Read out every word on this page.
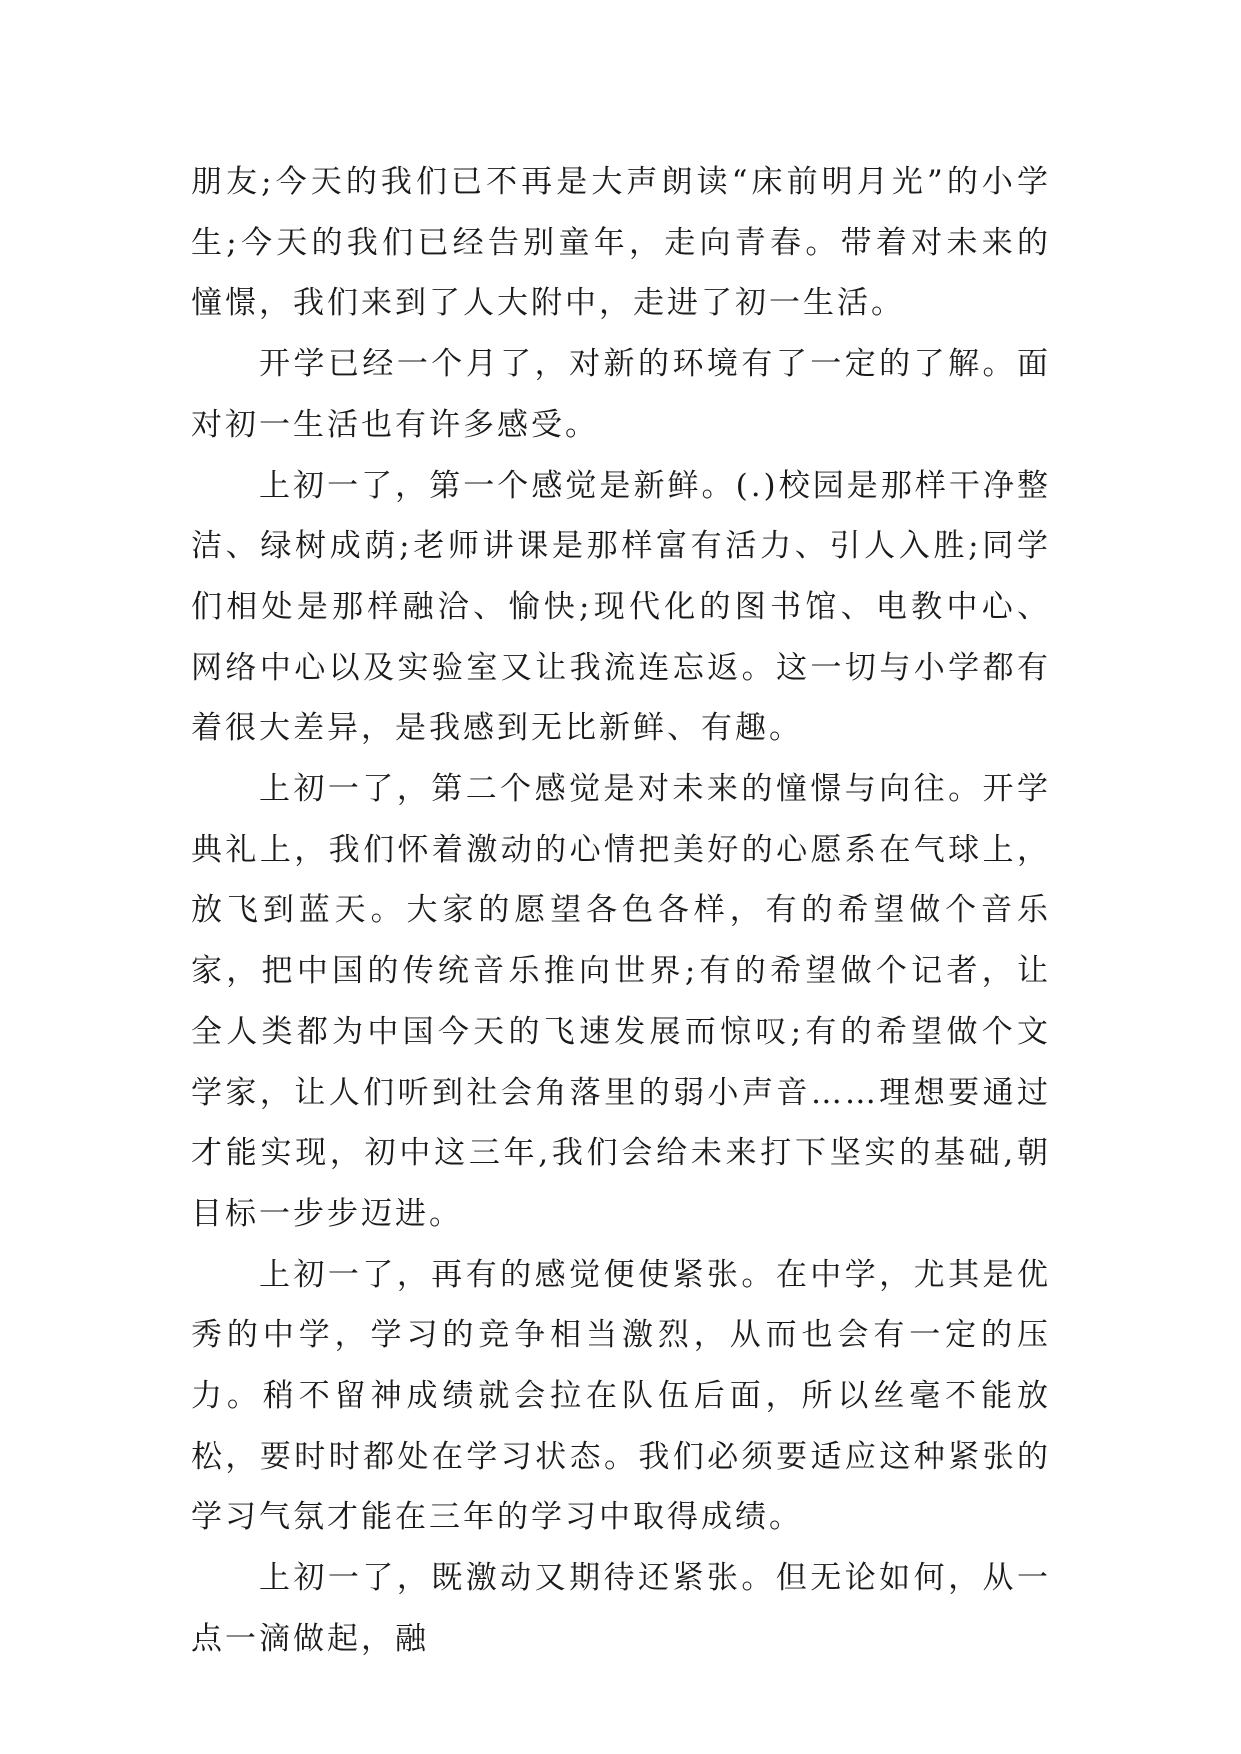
朋友;今天的我们已不再是大声朗读“床前明月光”的小学生;今天的我们已经告别童年，走向青春。带着对未来的憧憬，我们来到了人大附中，走进了初一生活。

开学已经一个月了，对新的环境有了一定的了解。面对初一生活也有许多感受。

上初一了，第一个感觉是新鲜。(.)校园是那样干净整洁、绿树成荫;老师讲课是那样富有活力、引人入胜;同学们相处是那样融洽、愉快;现代化的图书馆、电教中心、网络中心以及实验室又让我流连忘返。这一切与小学都有着很大差异，是我感到无比新鲜、有趣。

上初一了，第二个感觉是对未来的憧憬与向往。开学典礼上，我们怀着激动的心情把美好的心愿系在气球上，放飞到蓝天。大家的愿望各色各样，有的希望做个音乐家，把中国的传统音乐推向世界;有的希望做个记者，让全人类都为中国今天的飞速发展而惊叹;有的希望做个文学家，让人们听到社会角落里的弱小声音……理想要通过才能实现，初中这三年,我们会给未来打下坚实的基础,朝目标一步步迈进。

上初一了，再有的感觉便使紧张。在中学，尤其是优秀的中学，学习的竞争相当激烈，从而也会有一定的压力。稍不留神成绩就会拉在队伍后面，所以丝毫不能放松，要时时都处在学习状态。我们必须要适应这种紧张的学习气氛才能在三年的学习中取得成绩。

上初一了，既激动又期待还紧张。但无论如何，从一点一滴做起，融
